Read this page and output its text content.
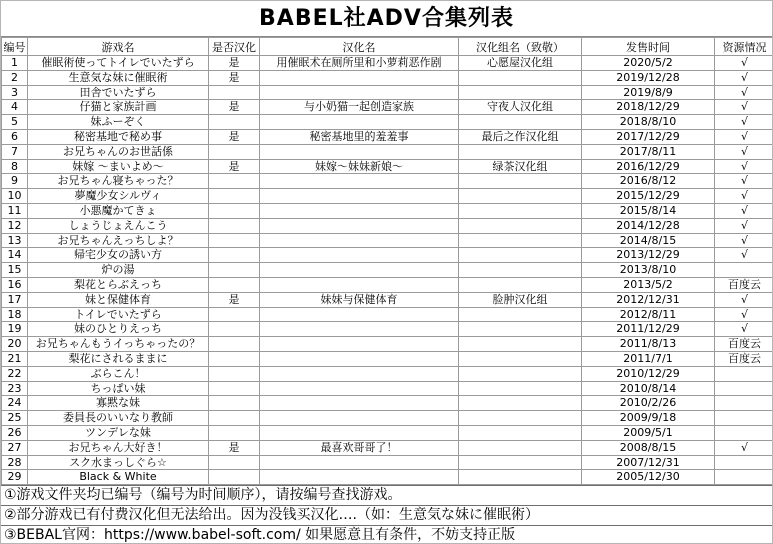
BABEL社ADV合集列表
编号	游戏名	是否汉化	汉化名	汉化组名（致敬）	发售时间	资源情况
1	催眠術使ってトイレでいたずら	是	用催眠术在厕所里和小萝莉恶作剧	心愿屋汉化组	2020/5/2	√
2	生意気な妹に催眠術	是			2019/12/28	√
3	田舎でいたずら				2019/8/9	√
4	仔猫と家族計画	是	与小奶猫一起创造家族	守夜人汉化组	2018/12/29	√
5	妹ふーぞく				2018/8/10	√
6	秘密基地で秘め事	是	秘密基地里的羞羞事	最后之作汉化组	2017/12/29	√
7	お兄ちゃんのお世話係				2017/8/11	√
8	妹嫁 ～まいよめ～	是	妹嫁～妹妹新娘～	绿茶汉化组	2016/12/29	√
9	お兄ちゃん寝ちゃった？				2016/8/12	√
10	夢魔少女シルヴィ				2015/12/29	√
11	小悪魔かてきょ				2015/8/14	√
12	しょうじょえんこう				2014/12/28	√
13	お兄ちゃんえっちしよ？				2014/8/15	√
14	帰宅少女の誘い方				2013/12/29	√
15	炉の湯				2013/8/10	
16	梨花とらぶえっち				2013/5/2	百度云
17	妹と保健体育	是	妹妹与保健体育	脸肿汉化组	2012/12/31	√
18	トイレでいたずら				2012/8/11	√
19	妹のひとりえっち				2011/12/29	√
20	お兄ちゃんもうイっちゃったの？				2011/8/13	百度云
21	梨花にされるままに				2011/7/1	百度云
22	ぶらこん！				2010/12/29	
23	ちっぱい妹				2010/8/14	
24	寡黙な妹				2010/2/26	
25	委員長のいいなり教師				2009/9/18	
26	ツンデレな妹				2009/5/1	
27	お兄ちゃん大好き！	是	最喜欢哥哥了！		2008/8/15	√
28	スク水まっしぐら☆				2007/12/31	
29	Black & White				2005/12/30	
①游戏文件夹均已编号（编号为时间顺序），请按编号查找游戏。
②部分游戏已有付费汉化但无法给出。因为没钱买汉化….（如：生意気な妹に催眠術）
③BEBAL官网：https://www.babel-soft.com/ 如果愿意且有条件，不妨支持正版
